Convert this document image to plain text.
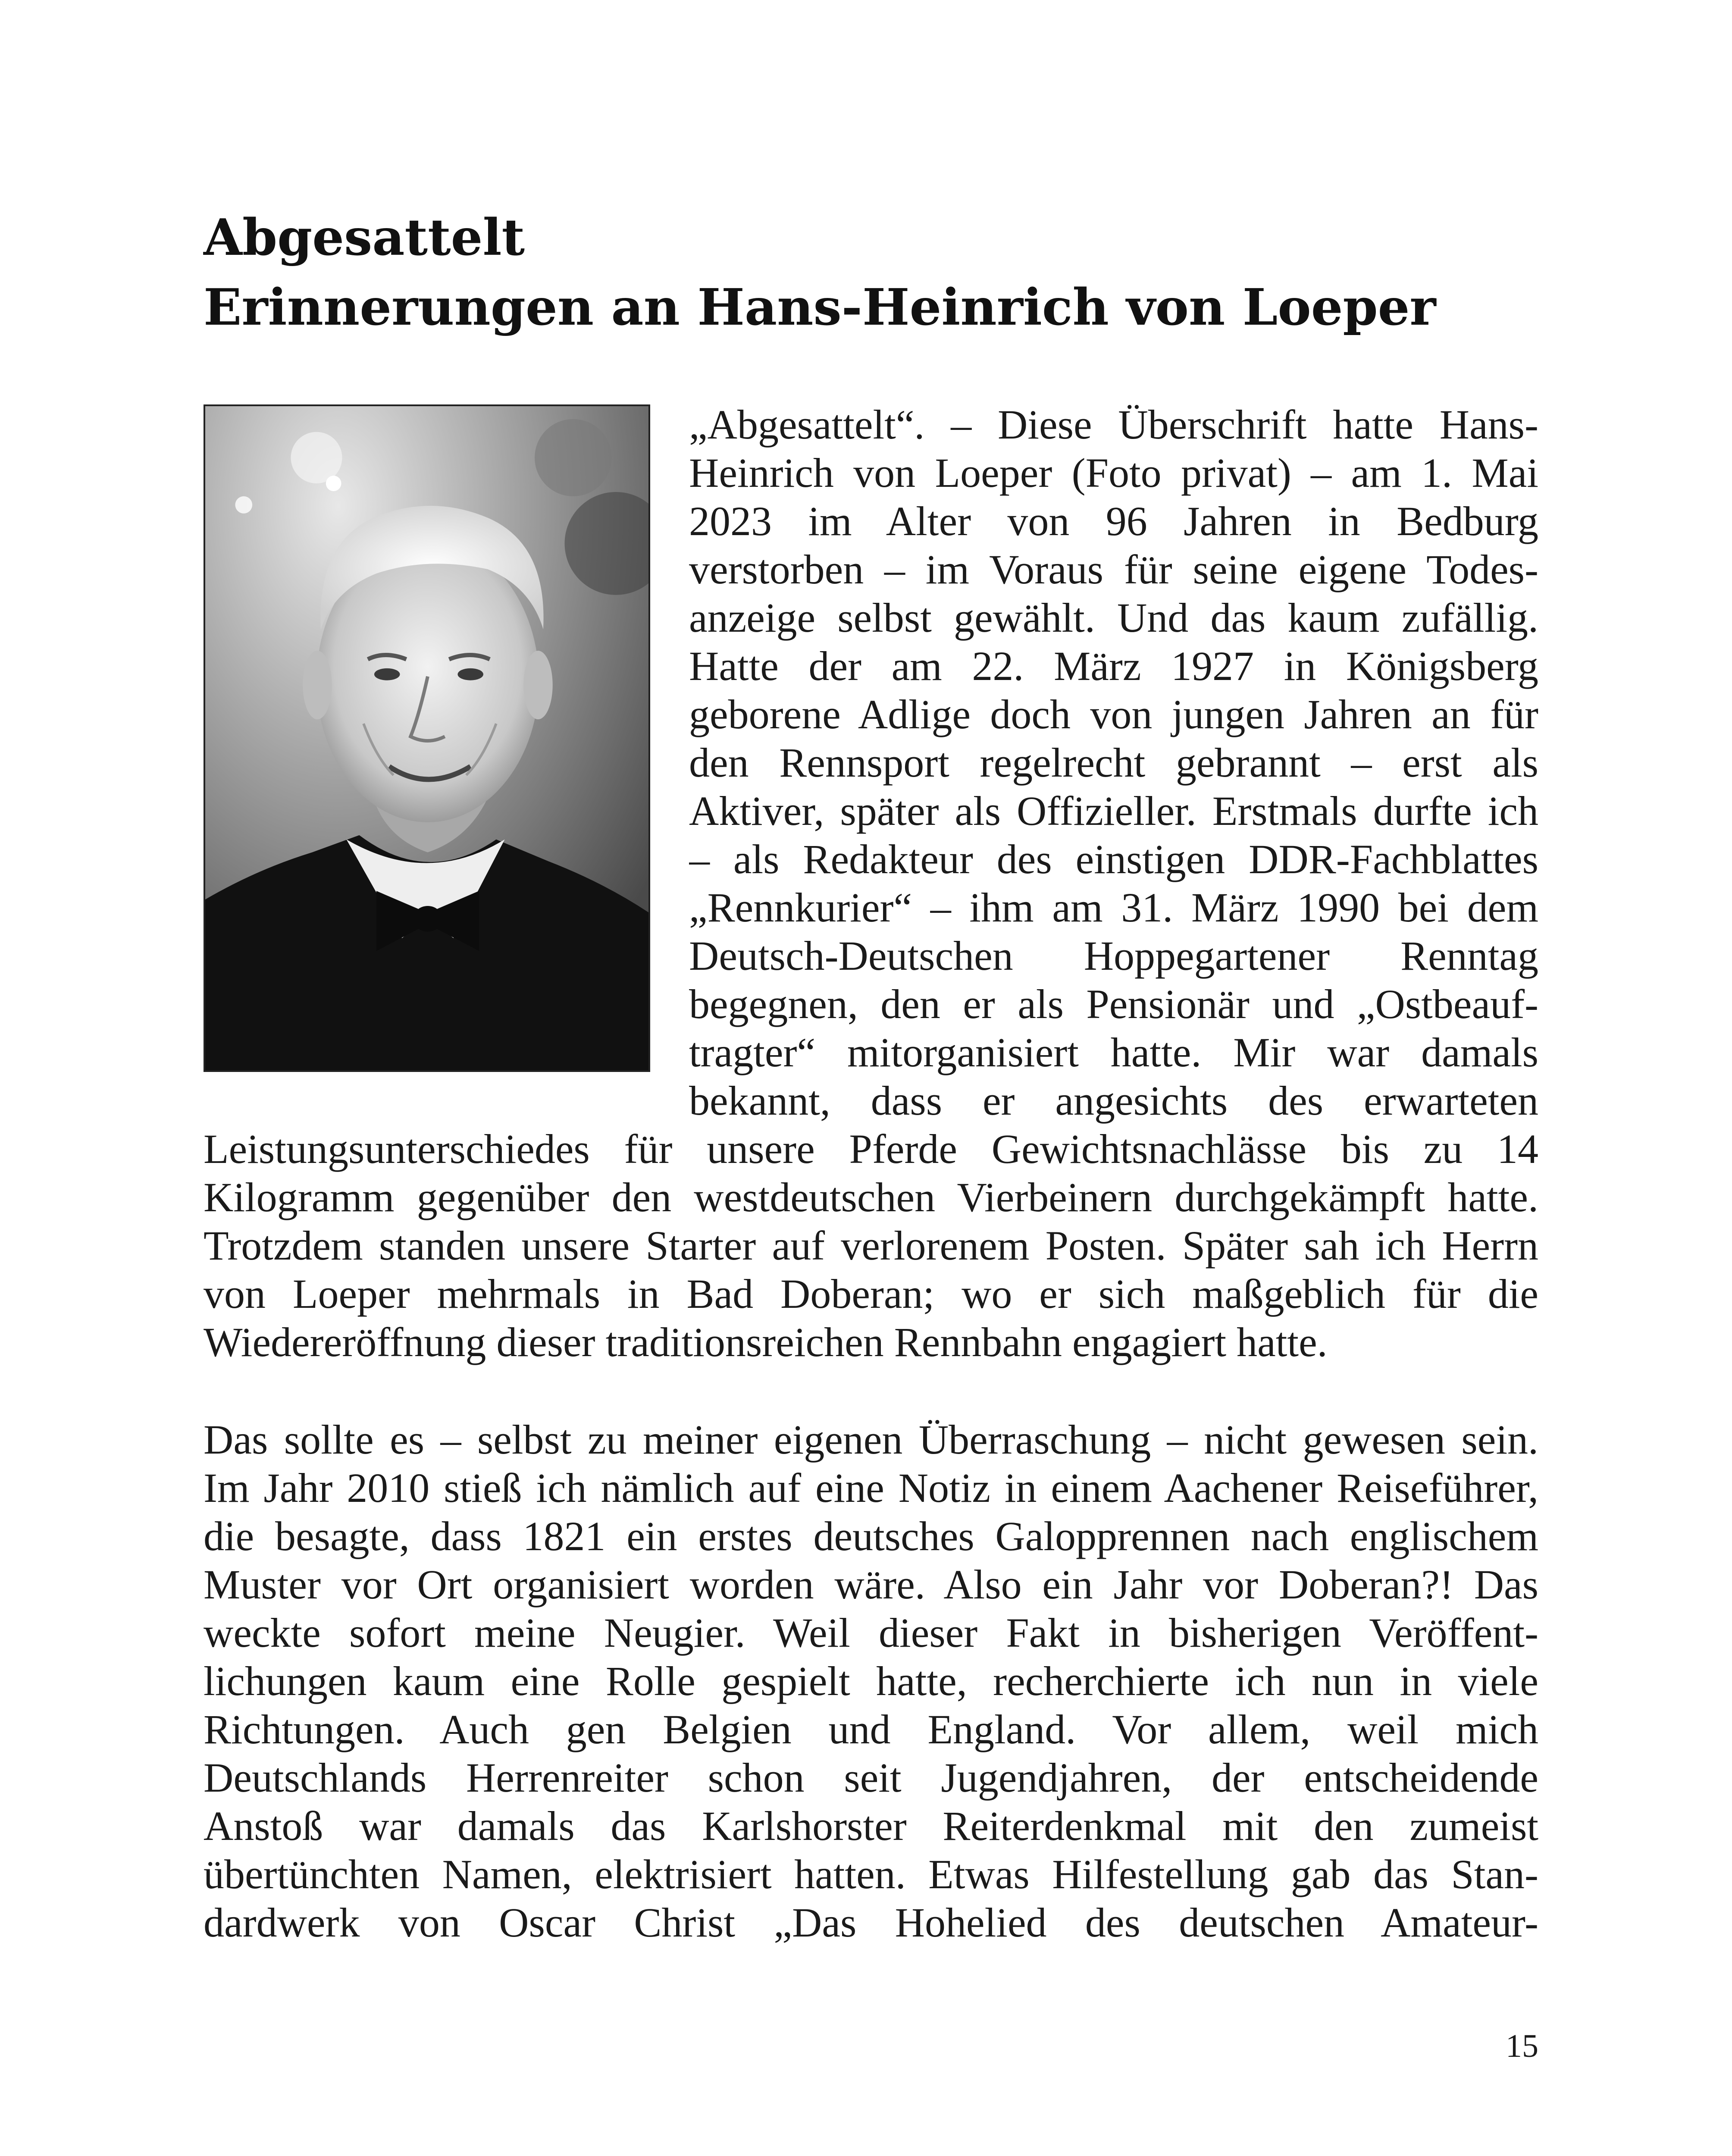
Abgesattelt
Erinnerungen an Hans-Heinrich von Loeper
„Abgesattelt“. – Diese Überschrift hatte Hans-
Heinrich von Loeper (Foto privat) – am 1. Mai
2023 im Alter von 96 Jahren in Bedburg
verstorben – im Voraus für seine eigene Todes-
anzeige selbst gewählt. Und das kaum zufällig.
Hatte der am 22. März 1927 in Königsberg
geborene Adlige doch von jungen Jahren an für
den Rennsport regelrecht gebrannt – erst als
Aktiver, später als Offizieller. Erstmals durfte ich
– als Redakteur des einstigen DDR-Fachblattes
„Rennkurier“ – ihm am 31. März 1990 bei dem
Deutsch-Deutschen Hoppegartener Renntag
begegnen, den er als Pensionär und „Ostbeauf-
tragter“ mitorganisiert hatte. Mir war damals
bekannt, dass er angesichts des erwarteten
Leistungsunterschiedes für unsere Pferde Gewichtsnachlässe bis zu 14
Kilogramm gegenüber den westdeutschen Vierbeinern durchgekämpft hatte.
Trotzdem standen unsere Starter auf verlorenem Posten. Später sah ich Herrn
von Loeper mehrmals in Bad Doberan; wo er sich maßgeblich für die
Wiedereröffnung dieser traditionsreichen Rennbahn engagiert hatte.
Das sollte es – selbst zu meiner eigenen Überraschung – nicht gewesen sein.
Im Jahr 2010 stieß ich nämlich auf eine Notiz in einem Aachener Reiseführer,
die besagte, dass 1821 ein erstes deutsches Galopprennen nach englischem
Muster vor Ort organisiert worden wäre. Also ein Jahr vor Doberan?! Das
weckte sofort meine Neugier. Weil dieser Fakt in bisherigen Veröffent-
lichungen kaum eine Rolle gespielt hatte, recherchierte ich nun in viele
Richtungen. Auch gen Belgien und England. Vor allem, weil mich
Deutschlands Herrenreiter schon seit Jugendjahren, der entscheidende
Anstoß war damals das Karlshorster Reiterdenkmal mit den zumeist
übertünchten Namen, elektrisiert hatten. Etwas Hilfestellung gab das Stan-
dardwerk von Oscar Christ „Das Hohelied des deutschen Amateur-
15
